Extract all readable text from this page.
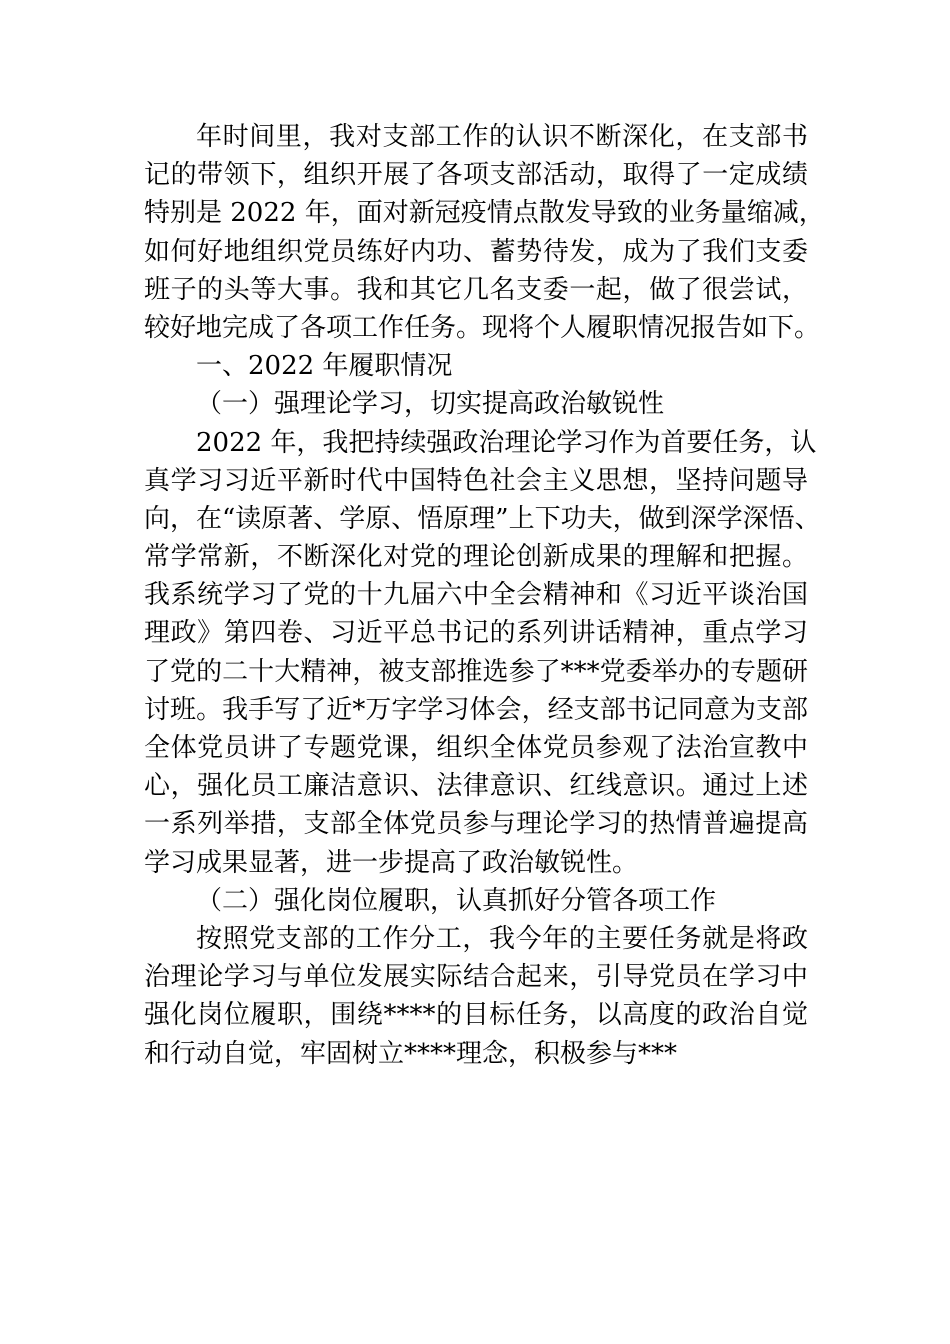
年时间里，我对支部工作的认识不断深化，在支部书
记的带领下，组织开展了各项支部活动，取得了一定成绩
特别是 2022 年，面对新冠疫情点散发导致的业务量缩减，
如何好地组织党员练好内功、蓄势待发，成为了我们支委
班子的头等大事。我和其它几名支委一起，做了很尝试，
较好地完成了各项工作任务。现将个人履职情况报告如下。
一、2022 年履职情况
（一）强理论学习，切实提高政治敏锐性
2022 年，我把持续强政治理论学习作为首要任务，认
真学习习近平新时代中国特色社会主义思想，坚持问题导
向，在“读原著、学原、悟原理”上下功夫，做到深学深悟、
常学常新，不断深化对党的理论创新成果的理解和把握。
我系统学习了党的十九届六中全会精神和《习近平谈治国
理政》第四卷、习近平总书记的系列讲话精神，重点学习
了党的二十大精神，被支部推选参了***党委举办的专题研
讨班。我手写了近*万字学习体会，经支部书记同意为支部
全体党员讲了专题党课，组织全体党员参观了法治宣教中
心，强化员工廉洁意识、法律意识、红线意识。通过上述
一系列举措，支部全体党员参与理论学习的热情普遍提高
学习成果显著，进一步提高了政治敏锐性。
（二）强化岗位履职，认真抓好分管各项工作
按照党支部的工作分工，我今年的主要任务就是将政
治理论学习与单位发展实际结合起来，引导党员在学习中
强化岗位履职，围绕****的目标任务，以高度的政治自觉
和行动自觉，牢固树立****理念，积极参与***
